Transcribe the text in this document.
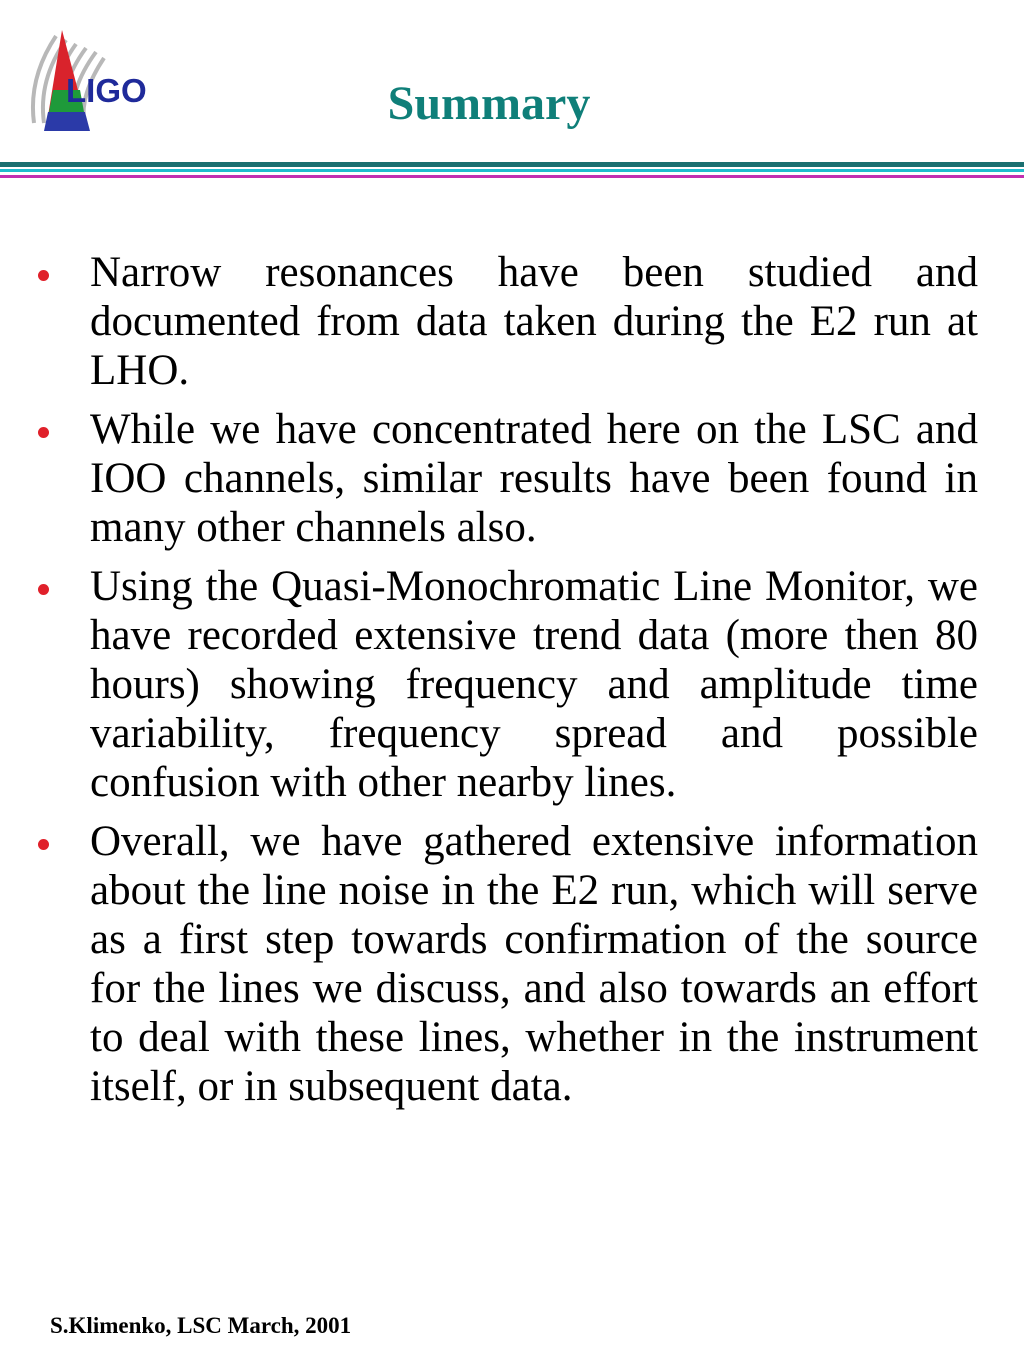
LIGO	Summary
Narrow resonances have been studied and documented from data taken during the E2 run at LHO.
While we have concentrated here on the LSC and IOO channels, similar results have been found in many other channels also.
Using the Quasi-Monochromatic Line Monitor, we have recorded extensive trend data (more then 80 hours) showing frequency and amplitude time variability, frequency spread and possible confusion with other nearby lines.
Overall, we have gathered extensive information about the line noise in the E2 run, which will serve as a first step towards confirmation of the source for the lines we discuss, and also towards an effort to deal with these lines, whether in the instrument itself, or in subsequent data.

S.Klimenko, LSC March, 2001
